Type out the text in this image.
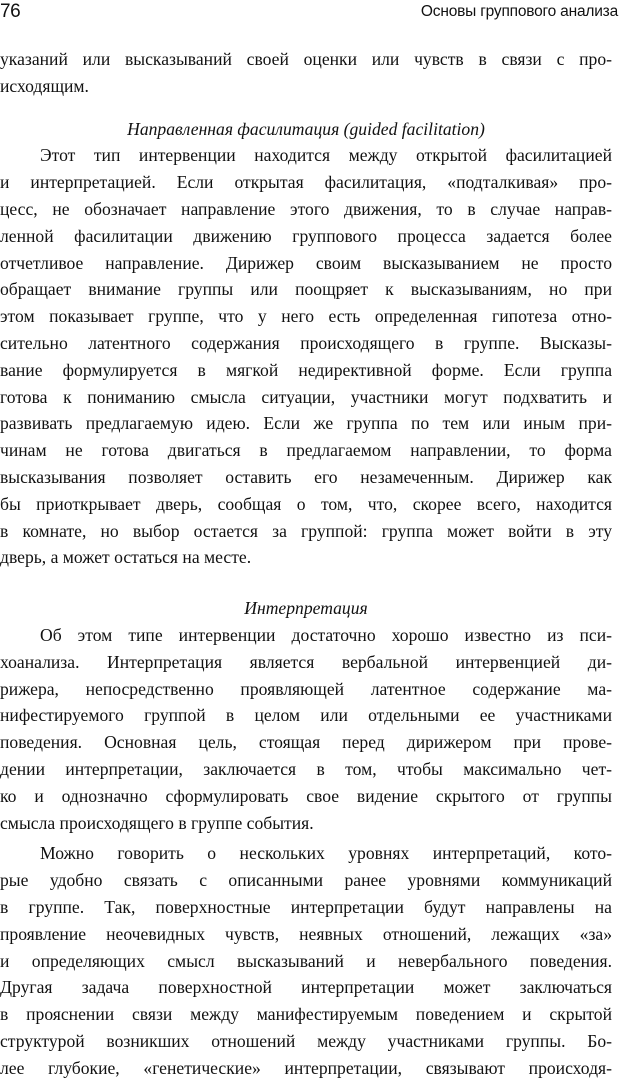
76	Основы группового анализа
указаний или высказываний своей оценки или чувств в связи с про-
исходящим.
Направленная фасилитация (guided facilitation)
Этот тип интервенции находится между открытой фасилитацией
и интерпретацией. Если открытая фасилитация, «подталкивая» про-
цесс, не обозначает направление этого движения, то в случае направ-
ленной фасилитации движению группового процесса задается более
отчетливое направление. Дирижер своим высказыванием не просто
обращает внимание группы или поощряет к высказываниям, но при
этом показывает группе, что у него есть определенная гипотеза отно-
сительно латентного содержания происходящего в группе. Высказы-
вание формулируется в мягкой недирективной форме. Если группа
готова к пониманию смысла ситуации, участники могут подхватить и
развивать предлагаемую идею. Если же группа по тем или иным при-
чинам не готова двигаться в предлагаемом направлении, то форма
высказывания позволяет оставить его незамеченным. Дирижер как
бы приоткрывает дверь, сообщая о том, что, скорее всего, находится
в комнате, но выбор остается за группой: группа может войти в эту
дверь, а может остаться на месте.
Интерпретация
Об этом типе интервенции достаточно хорошо известно из пси-
хоанализа. Интерпретация является вербальной интервенцией ди-
рижера, непосредственно проявляющей латентное содержание ма-
нифестируемого группой в целом или отдельными ее участниками
поведения. Основная цель, стоящая перед дирижером при прове-
дении интерпретации, заключается в том, чтобы максимально чет-
ко и однозначно сформулировать свое видение скрытого от группы
смысла происходящего в группе события.
Можно говорить о нескольких уровнях интерпретаций, кото-
рые удобно связать с описанными ранее уровнями коммуникаций
в группе. Так, поверхностные интерпретации будут направлены на
проявление неочевидных чувств, неявных отношений, лежащих «за»
и определяющих смысл высказываний и невербального поведения.
Другая задача поверхностной интерпретации может заключаться
в прояснении связи между манифестируемым поведением и скрытой
структурой возникших отношений между участниками группы. Бо-
лее глубокие, «генетические» интерпретации, связывают происходя-
